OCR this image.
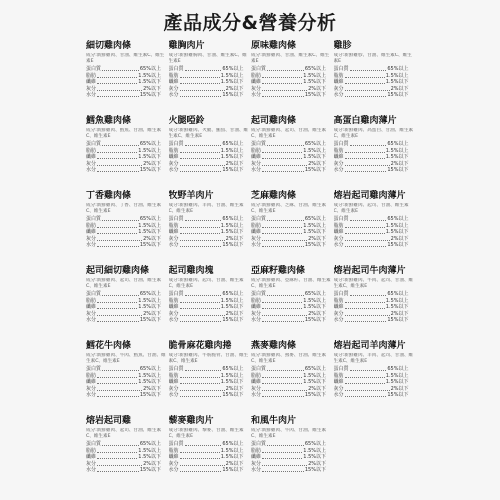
產品成分&營養分析
細切雞肉條
成分:新鮮雞肉、甘油、維生素C、維生素E
蛋白質	65%以上
脂肪	1.5%以上
纖維	1.5%以下
灰分	2%以下
水分	15%以下
雞胸肉片
成分:新鮮雞胸肉、甘油、維生素C、維生素E
蛋白質	65%以上
脂肪	1.5%以上
纖維	1.5%以下
灰分	2%以下
水分	15%以下
原味雞肉條
成分:新鮮雞肉、甘油、維生素C、維生素E
蛋白質	65%以上
脂肪	1.5%以上
纖維	1.5%以下
灰分	2%以下
水分	15%以下
雞胗
成分:新鮮雞胗、甘油、維生素C、維生素E
蛋白質	65%以上
脂肪	1.5%以上
纖維	1.5%以下
灰分	2%以下
水分	15%以下
鱈魚雞肉條
成分:新鮮雞肉、鱈魚、甘油、維生素C、維生素E
蛋白質	65%以上
脂肪	1.5%以上
纖維	1.5%以下
灰分	2%以下
水分	15%以下
火腿啞鈴
成分:新鮮雞肉、火腿、鮪魚、甘油、維生素C、維生素E
蛋白質	65%以上
脂肪	1.5%以上
纖維	1.5%以下
灰分	2%以下
水分	15%以下
起司雞肉條
成分:新鮮雞肉、起司、甘油、維生素C、維生素E
蛋白質	65%以上
脂肪	1.5%以上
纖維	1.5%以下
灰分	2%以下
水分	15%以下
高蛋白雞肉薄片
成分:新鮮雞肉、高蛋白、甘油、維生素C、維生素E
蛋白質	65%以上
脂肪	1.5%以上
纖維	1.5%以下
灰分	2%以下
水分	15%以下
丁香雞肉條
成分:新鮮雞肉、丁香、甘油、維生素C、維生素E
蛋白質	65%以上
脂肪	1.5%以上
纖維	1.5%以下
灰分	2%以下
水分	15%以下
牧野羊肉片
成分:新鮮雞肉、羊肉、甘油、維生素C、維生素E
蛋白質	65%以上
脂肪	1.5%以上
纖維	1.5%以下
灰分	2%以下
水分	15%以下
芝麻雞肉條
成分:新鮮雞肉、芝麻、甘油、維生素C、維生素E
蛋白質	65%以上
脂肪	1.5%以上
纖維	1.5%以下
灰分	2%以下
水分	15%以下
熔岩起司雞肉薄片
成分:新鮮雞肉、起司、甘油、維生素C、維生素E
蛋白質	65%以上
脂肪	1.5%以上
纖維	1.5%以下
灰分	2%以下
水分	15%以下
起司細切雞肉條
成分:新鮮雞肉、起司、甘油、維生素C、維生素E
蛋白質	65%以上
脂肪	1.5%以上
纖維	1.5%以下
灰分	2%以下
水分	15%以下
起司雞肉塊
成分:新鮮雞肉、起司、甘油、維生素C、維生素E
蛋白質	65%以上
脂肪	1.5%以上
纖維	1.5%以下
灰分	2%以下
水分	15%以下
亞麻籽雞肉條
成分:新鮮雞肉、亞麻籽、甘油、維生素C、維生素E
蛋白質	65%以上
脂肪	1.5%以上
纖維	1.5%以下
灰分	2%以下
水分	15%以下
熔岩起司牛肉薄片
成分:新鮮雞肉、牛肉、起司、甘油、維生素C、維生素E
蛋白質	65%以上
脂肪	1.5%以上
纖維	1.5%以下
灰分	2%以下
水分	15%以下
鱈花牛肉條
成分:新鮮雞肉、牛肉、鱈魚、甘油、維生素C、維生素E
蛋白質	65%以上
脂肪	1.5%以上
纖維	1.5%以下
灰分	2%以下
水分	15%以下
脆骨麻花雞肉捲
成分:新鮮雞肉、牛筋脆骨、甘油、維生素C、維生素E
蛋白質	65%以上
脂肪	1.5%以上
纖維	1.5%以下
灰分	2%以下
水分	15%以下
燕麥雞肉條
成分:新鮮雞肉、燕麥、甘油、維生素C、維生素E
蛋白質	65%以上
脂肪	1.5%以上
纖維	1.5%以下
灰分	2%以下
水分	15%以下
熔岩起司羊肉薄片
成分:新鮮雞肉、羊肉、起司、甘油、維生素C、維生素E
蛋白質	65%以上
脂肪	1.5%以上
纖維	1.5%以下
灰分	2%以下
水分	15%以下
熔岩起司雞
成分:新鮮雞肉、起司、甘油、維生素C、維生素E
蛋白質	65%以上
脂肪	1.5%以上
纖維	1.5%以下
灰分	2%以下
水分	15%以下
藜麥雞肉片
成分:新鮮雞肉、藜麥、甘油、維生素C、維生素E
蛋白質	65%以上
脂肪	1.5%以上
纖維	1.5%以下
灰分	2%以下
水分	15%以下
和風牛肉片
成分:新鮮雞肉、牛肉、甘油、維生素C、維生素E
蛋白質	65%以上
脂肪	1.5%以上
纖維	1.5%以下
灰分	2%以下
水分	15%以下
